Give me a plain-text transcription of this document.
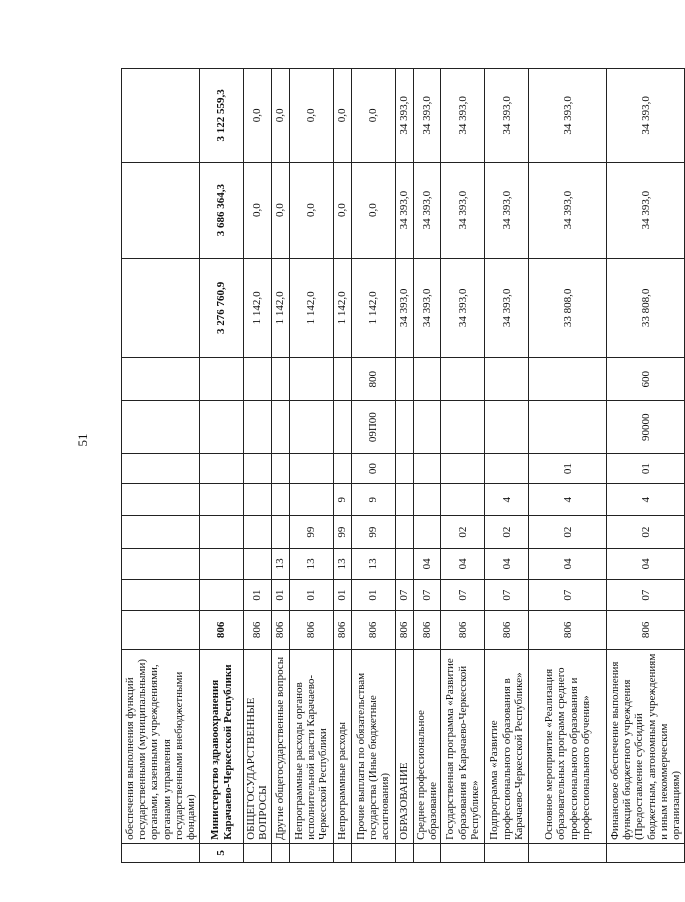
51
	обеспечения выполнения функций государственными (муниципальными) органами, казенными учреждениями, органами управления государственными внебюджетными фондами)											
5	Министерство здравоохранения Карачаево-Черкесской Республики	806								3 276 760,9	3 686 364,3	3 122 559,3
	ОБЩЕГОСУДАРСТВЕННЫЕ ВОПРОСЫ	806	01							1 142,0	0,0	0,0
	Другие общегосударственные вопросы	806	01	13						1 142,0	0,0	0,0
	Непрограммные расходы органов исполнительной власти Карачаево-Черкесской Республики	806	01	13	99					1 142,0	0,0	0,0
	Непрограммные расходы	806	01	13	99	9				1 142,0	0,0	0,0
	Прочие выплаты по обязательствам государства (Иные бюджетные ассигнования)	806	01	13	99	9	00	09П00	800	1 142,0	0,0	0,0
	ОБРАЗОВАНИЕ	806	07							34 393,0	34 393,0	34 393,0
	Среднее профессиональное образование	806	07	04						34 393,0	34 393,0	34 393,0
	Государственная программа «Развитие образования в Карачаево-Черкесской Республике»	806	07	04	02					34 393,0	34 393,0	34 393,0
	Подпрограмма «Развитие профессионального образования в Карачаево-Черкесской Республике»	806	07	04	02	4				34 393,0	34 393,0	34 393,0
	Основное мероприятие «Реализация образовательных программ среднего профессионального образования и профессионального обучения»	806	07	04	02	4	01			33 808,0	34 393,0	34 393,0
	Финансовое обеспечение выполнения функций бюджетного учреждения (Предоставление субсидий бюджетным, автономным учреждениям и иным некоммерческим организациям)	806	07	04	02	4	01	90000	600	33 808,0	34 393,0	34 393,0
